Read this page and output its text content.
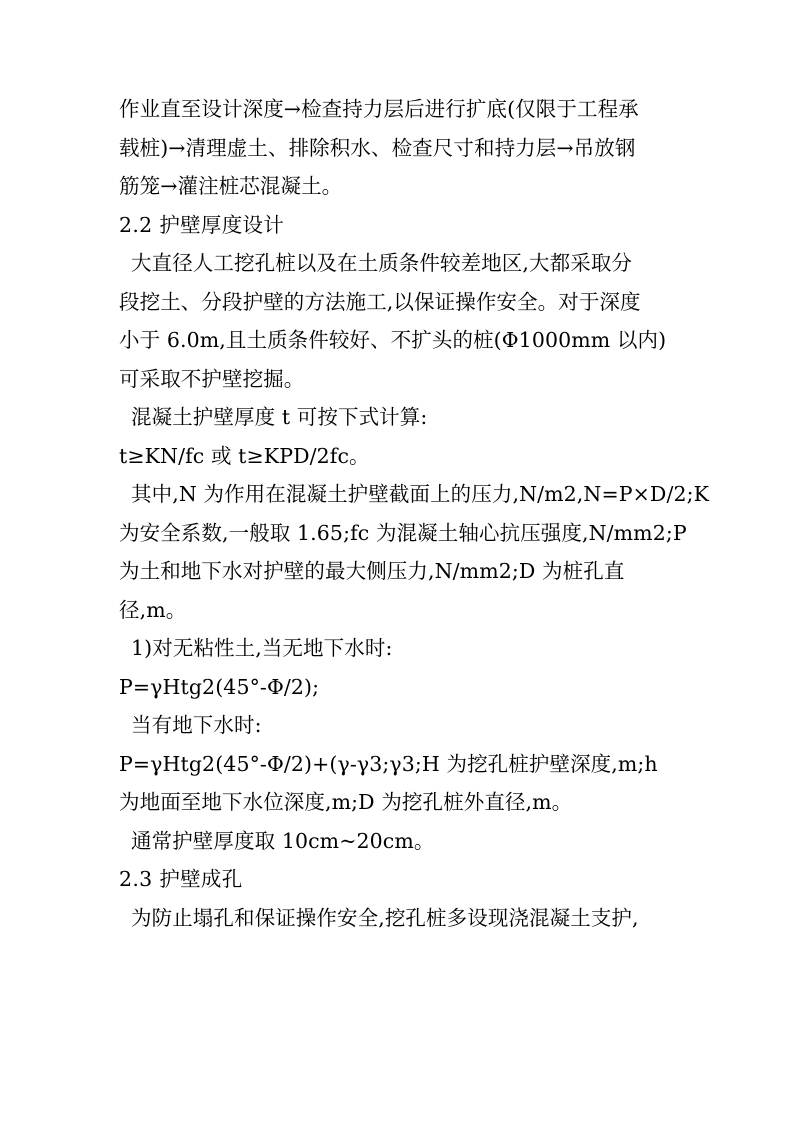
作业直至设计深度→检查持力层后进行扩底(仅限于工程承
载桩)→清理虚土、排除积水、检查尺寸和持力层→吊放钢
筋笼→灌注桩芯混凝土。
2.2 护壁厚度设计
大直径人工挖孔桩以及在土质条件较差地区,大都采取分
段挖土、分段护壁的方法施工,以保证操作安全。对于深度
小于 6.0m,且土质条件较好、不扩头的桩(Φ1000mm 以内)
可采取不护壁挖掘。
混凝土护壁厚度 t 可按下式计算:
t≥KN/fc 或 t≥KPD/2fc。
其中,N 为作用在混凝土护壁截面上的压力,N/m2,N=P×D/2;K
为安全系数,一般取 1.65;fc 为混凝土轴心抗压强度,N/mm2;P
为土和地下水对护壁的最大侧压力,N/mm2;D 为桩孔直
径,m。
1)对无粘性土,当无地下水时:
P=γHtg2(45°-Φ/2);
当有地下水时:
P=γHtg2(45°-Φ/2)+(γ-γ3;γ3;H 为挖孔桩护壁深度,m;h
为地面至地下水位深度,m;D 为挖孔桩外直径,m。
通常护壁厚度取 10cm~20cm。
2.3 护壁成孔
为防止塌孔和保证操作安全,挖孔桩多设现浇混凝土支护,
